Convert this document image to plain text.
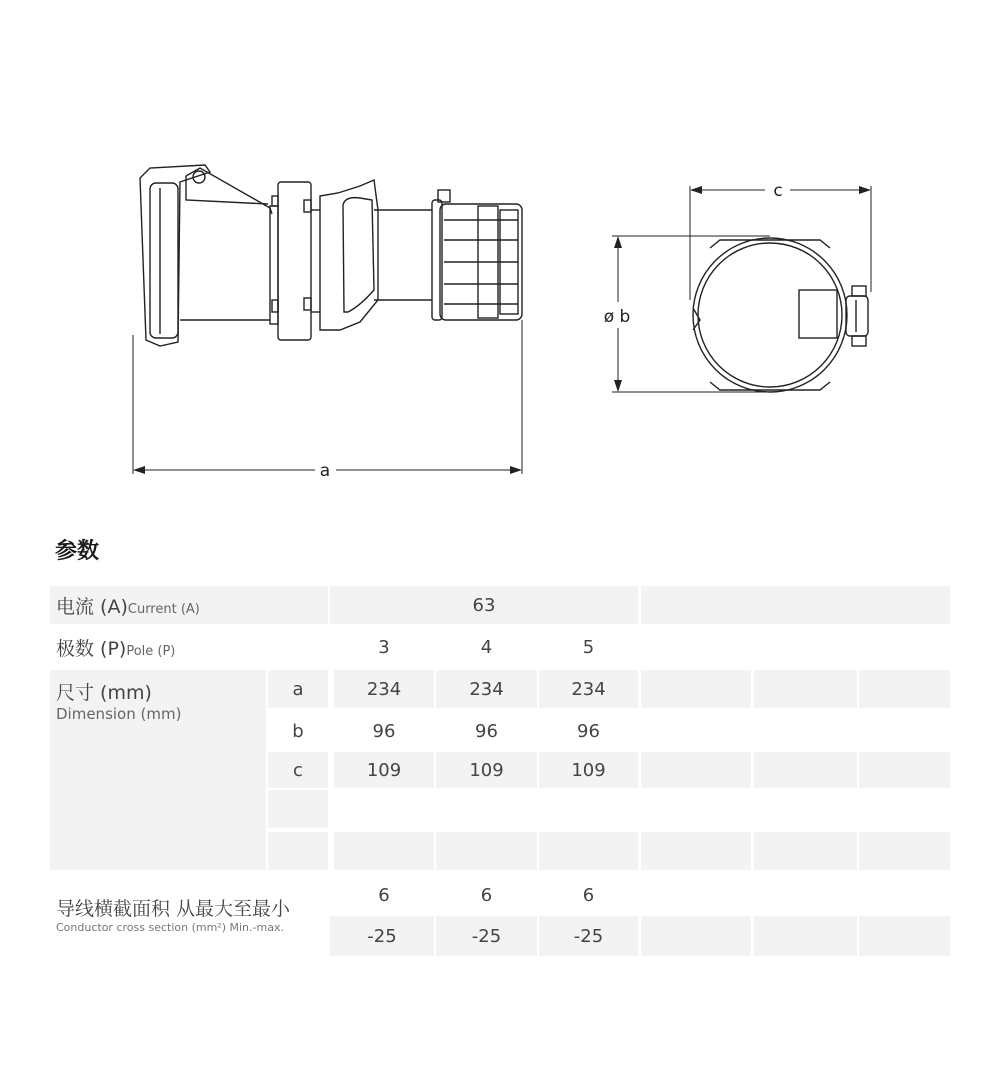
a
c
ø b
参数
电流 (A)Current (A)	63
极数 (P)Pole (P)	3	4	5
尺寸 (mm)
Dimension (mm)
a	234	234	234
b	96	96	96
c	109	109	109
导线横截面积 从最大至最小
Conductor cross section (mm²) Min.-max.
6	6	6
-25	-25	-25
